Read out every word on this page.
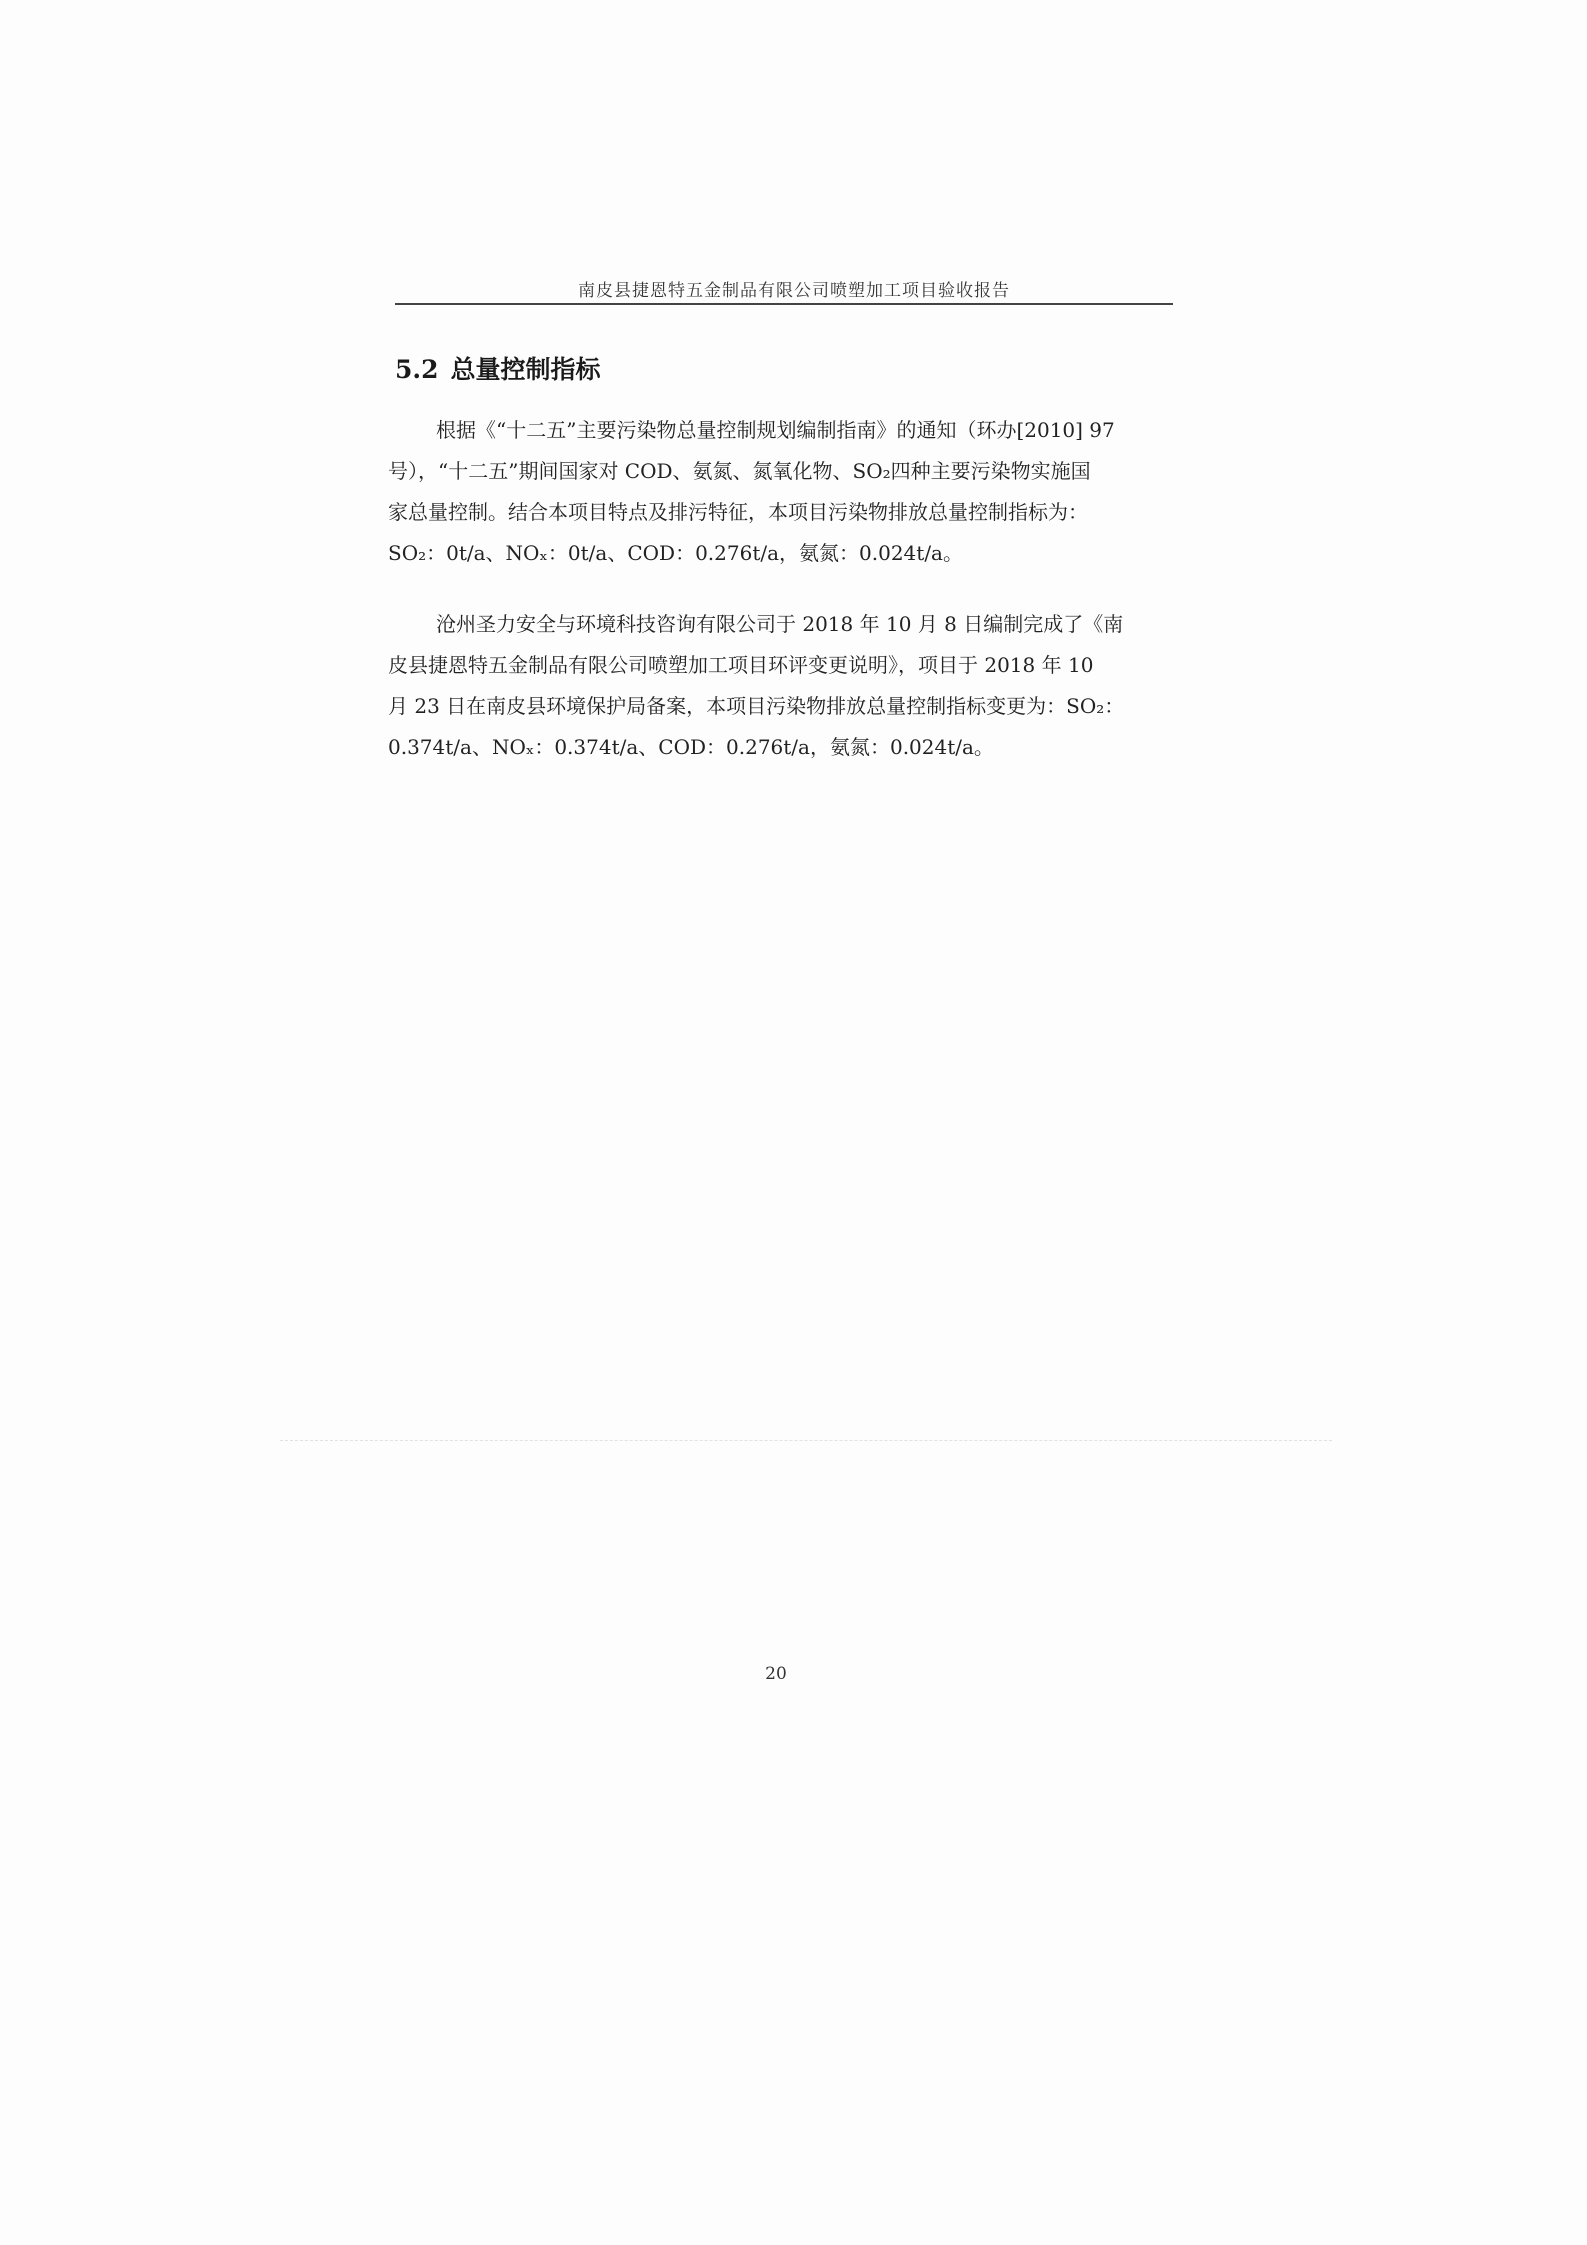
南皮县捷恩特五金制品有限公司喷塑加工项目验收报告
5.2 总量控制指标
根据《“十二五”主要污染物总量控制规划编制指南》的通知（环办[2010] 97
号），“十二五”期间国家对 COD、氨氮、氮氧化物、SO₂四种主要污染物实施国
家总量控制。结合本项目特点及排污特征，本项目污染物排放总量控制指标为：
SO₂：0t/a、NOₓ：0t/a、COD：0.276t/a，氨氮：0.024t/a。
沧州圣力安全与环境科技咨询有限公司于 2018 年 10 月 8 日编制完成了《南
皮县捷恩特五金制品有限公司喷塑加工项目环评变更说明》，项目于 2018 年 10
月 23 日在南皮县环境保护局备案，本项目污染物排放总量控制指标变更为：SO₂：
0.374t/a、NOₓ：0.374t/a、COD：0.276t/a，氨氮：0.024t/a。
20
